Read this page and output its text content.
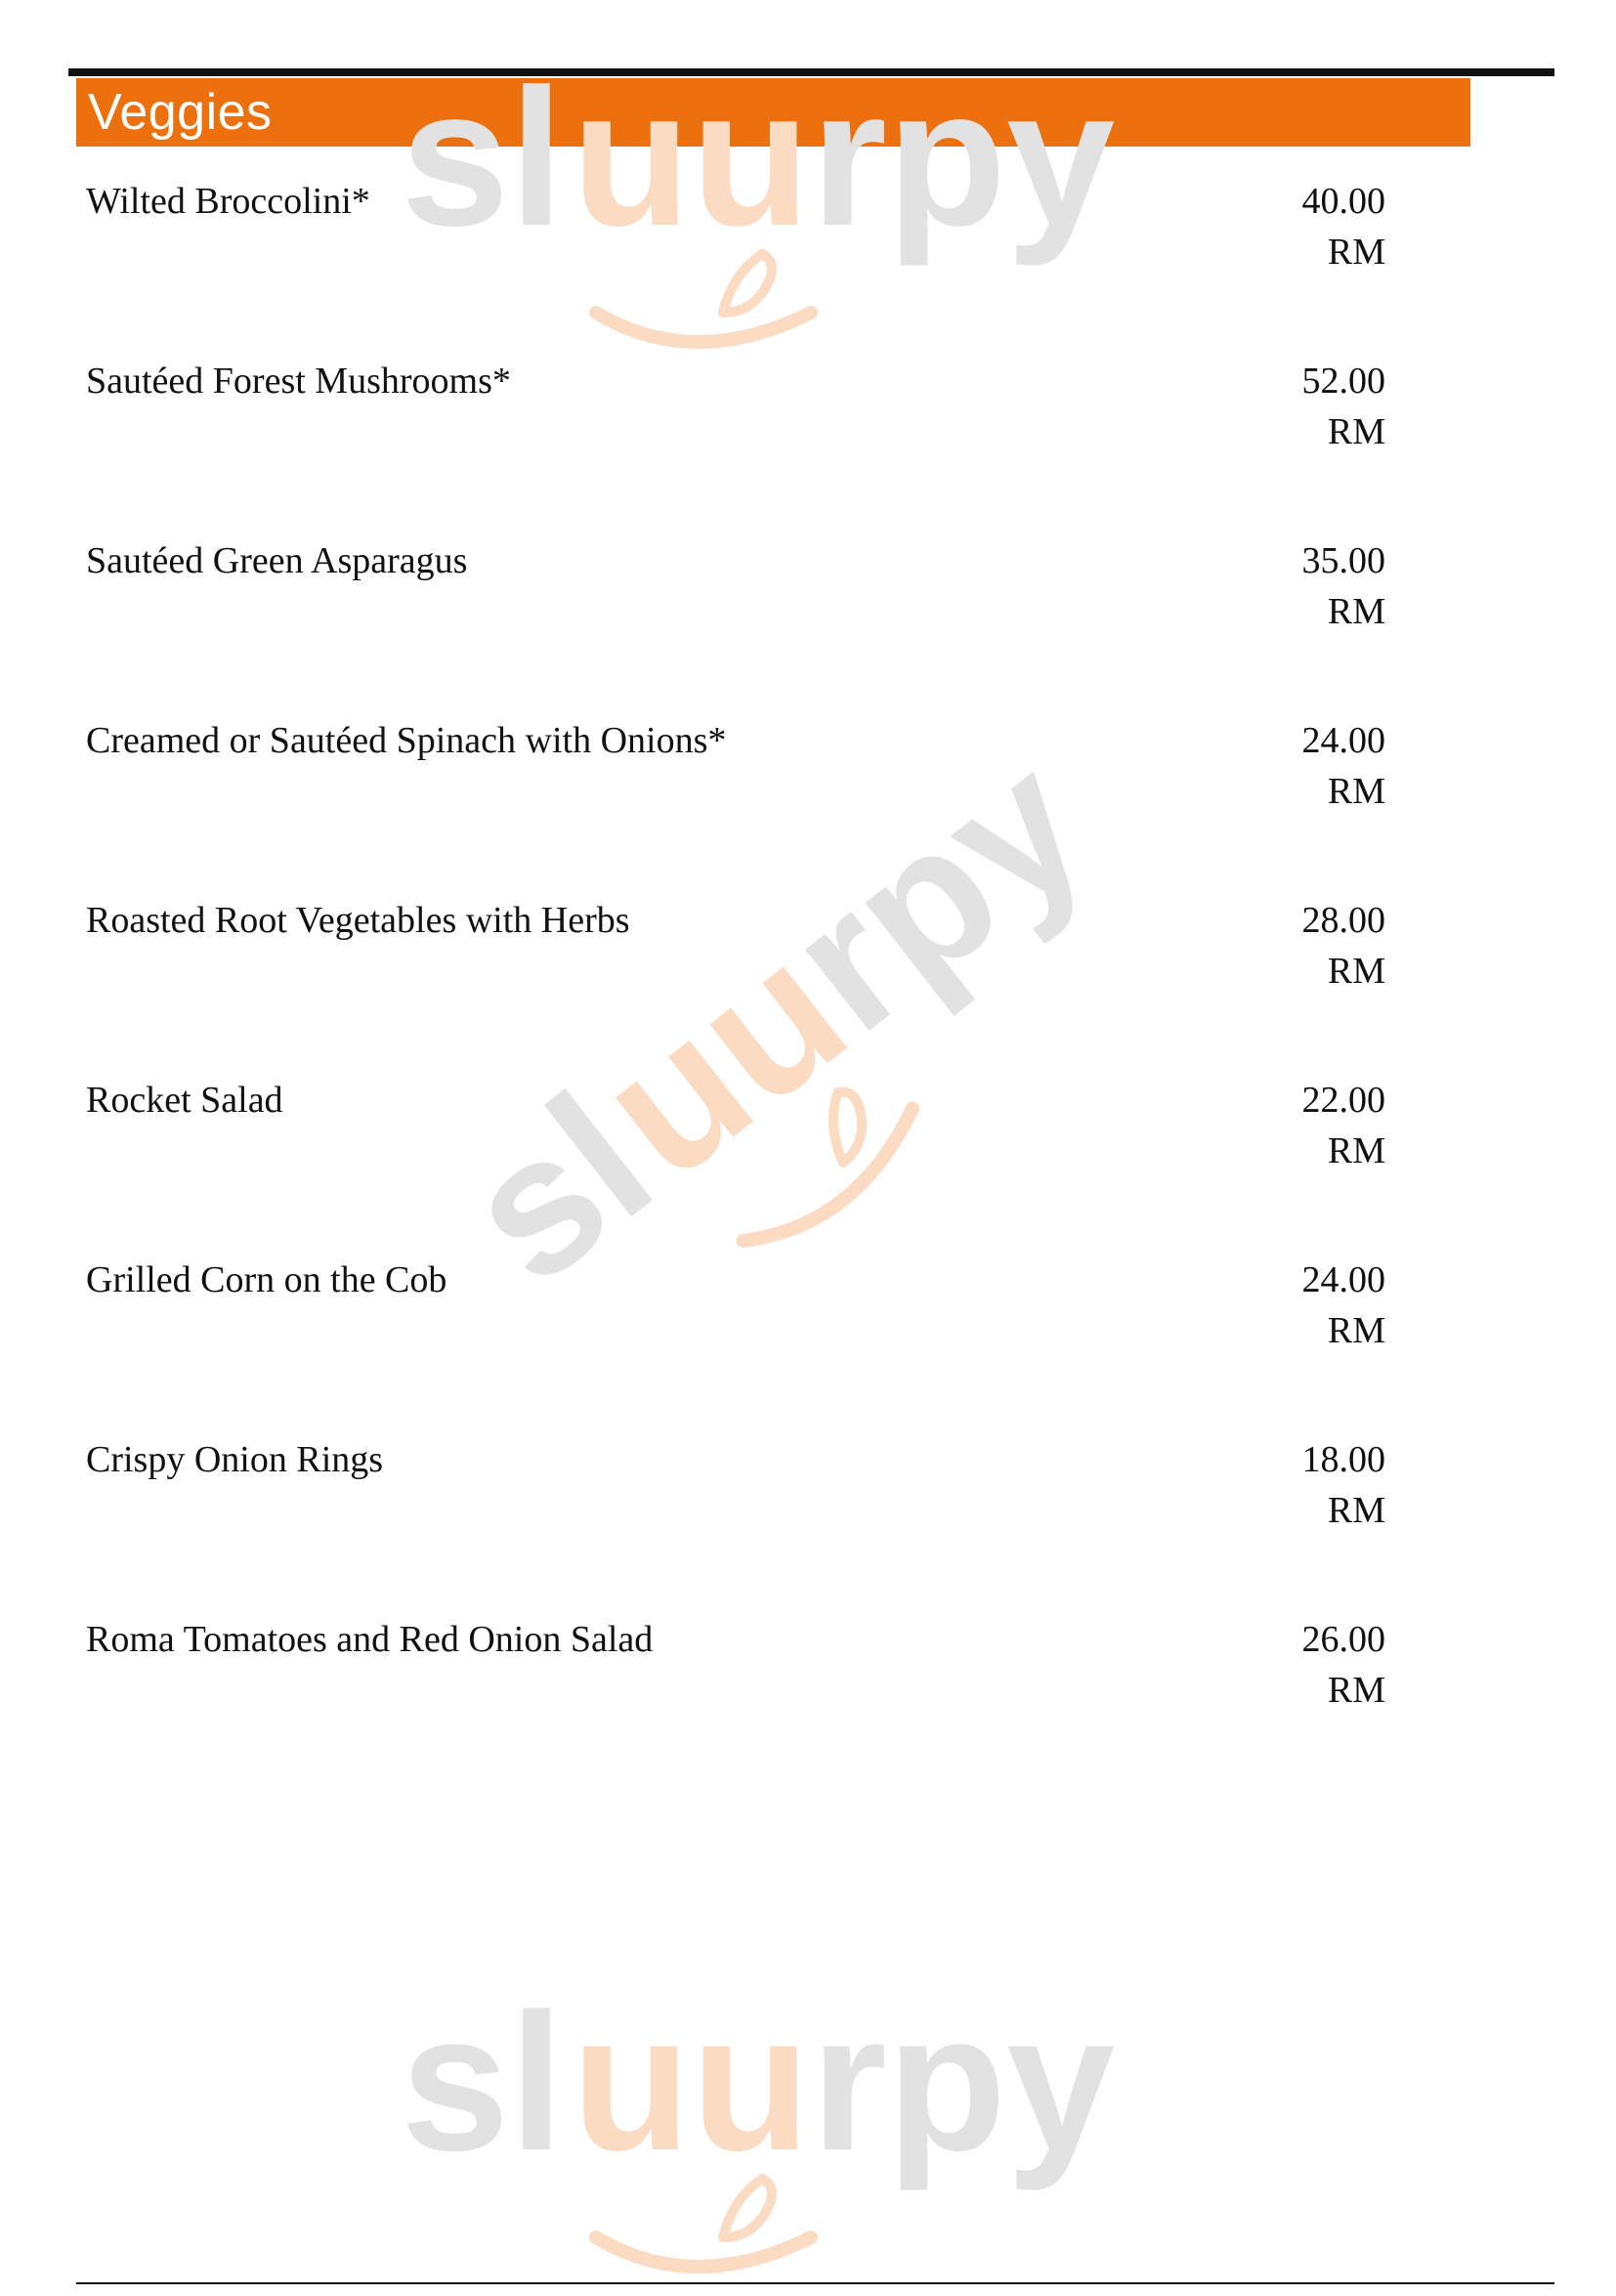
Veggies
Wilted Broccolini*	40.00
RM
Sautéed Forest Mushrooms*	52.00
RM
Sautéed Green Asparagus	35.00
RM
Creamed or Sautéed Spinach with Onions*	24.00
RM
Roasted Root Vegetables with Herbs	28.00
RM
Rocket Salad	22.00
RM
Grilled Corn on the Cob	24.00
RM
Crispy Onion Rings	18.00
RM
Roma Tomatoes and Red Onion Salad	26.00
RM
sl uu rpy
sl
uu
rpy
sl uu rpy
